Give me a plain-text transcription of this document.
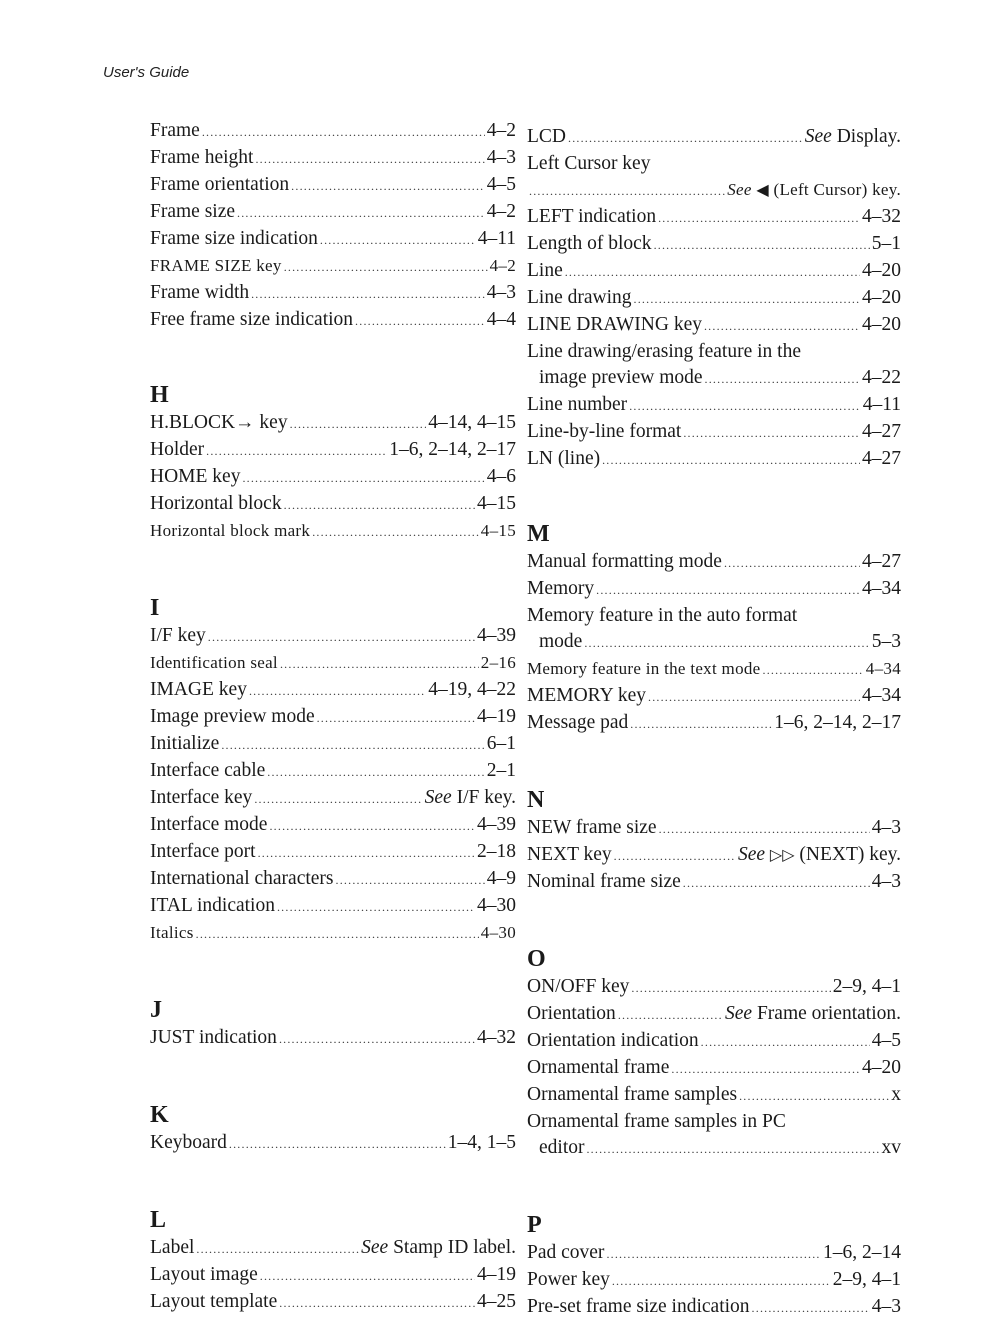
User's Guide
Frame .....	4–2
Frame height .....	4–3
Frame orientation .....	4–5
Frame size .....	4–2
Frame size indication .....	4–11
FRAME SIZE key .....	4–2
Frame width .....	4–3
Free frame size indication .....	4–4
H
H.BLOCK→ key .....	4–14, 4–15
Holder .....	1–6, 2–14, 2–17
HOME key .....	4–6
Horizontal block .....	4–15
Horizontal block mark .....	4–15
I
I/F key .....	4–39
Identification seal .....	2–16
IMAGE key .....	4–19, 4–22
Image preview mode .....	4–19
Initialize .....	6–1
Interface cable .....	2–1
Interface key .....	See I/F key.
Interface mode .....	4–39
Interface port .....	2–18
International characters .....	4–9
ITAL indication .....	4–30
Italics .....	4–30
J
JUST indication .....	4–32
K
Keyboard .....	1–4, 1–5
L
Label .....	See Stamp ID label.
Layout image .....	4–19
Layout template .....	4–25
LCD .....	See Display.
Left Cursor key
.....
See ◀ (Left Cursor) key.
LEFT indication .....	4–32
Length of block .....	5–1
Line .....	4–20
Line drawing .....	4–20
LINE DRAWING key .....	4–20
Line drawing/erasing feature in the
image preview mode .....	4–22
Line number .....	4–11
Line-by-line format .....	4–27
LN (line) .....	4–27
M
Manual formatting mode .....	4–27
Memory .....	4–34
Memory feature in the auto format
mode .....	5–3
Memory feature in the text mode .....	4–34
MEMORY key .....	4–34
Message pad .....	1–6, 2–14, 2–17
N
NEW frame size .....	4–3
NEXT key .....	See ▷▷ (NEXT) key.
Nominal frame size .....	4–3
O
ON/OFF key .....	2–9, 4–1
Orientation .....	See Frame orientation.
Orientation indication .....	4–5
Ornamental frame .....	4–20
Ornamental frame samples .....	x
Ornamental frame samples in PC
editor .....	xv
P
Pad cover .....	1–6, 2–14
Power key .....	2–9, 4–1
Pre-set frame size indication .....	4–3
